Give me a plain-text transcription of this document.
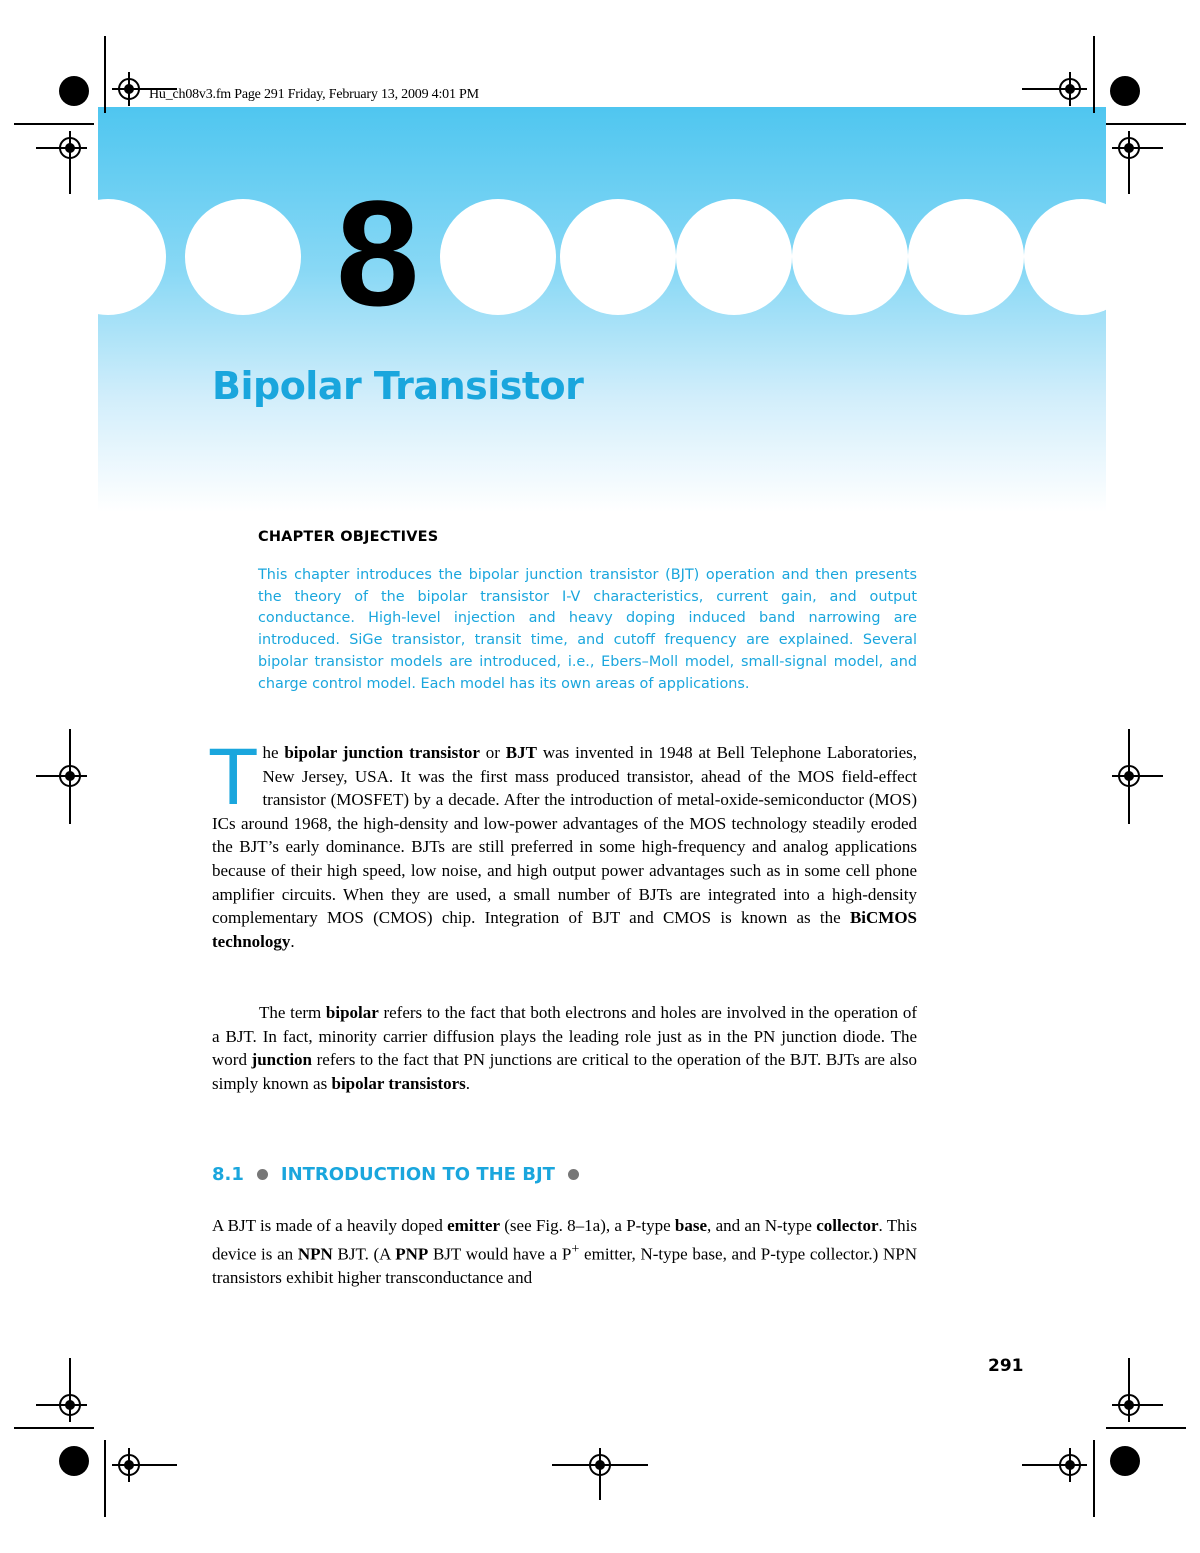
Hu_ch08v3.fm Page 291 Friday, February 13, 2009 4:01 PM
8
Bipolar Transistor
CHAPTER OBJECTIVES
This chapter introduces the bipolar junction transistor (BJT) operation and then presents the theory of the bipolar transistor I-V characteristics, current gain, and output conductance. High-level injection and heavy doping induced band narrowing are introduced. SiGe transistor, transit time, and cutoff frequency are explained. Several bipolar transistor models are introduced, i.e., Ebers–Moll model, small-signal model, and charge control model. Each model has its own areas of applications.
The bipolar junction transistor or BJT was invented in 1948 at Bell Telephone Laboratories, New Jersey, USA. It was the first mass produced transistor, ahead of the MOS field-effect transistor (MOSFET) by a decade. After the introduction of metal-oxide-semiconductor (MOS) ICs around 1968, the high-density and low-power advantages of the MOS technology steadily eroded the BJT’s early dominance. BJTs are still preferred in some high-frequency and analog applications because of their high speed, low noise, and high output power advantages such as in some cell phone amplifier circuits. When they are used, a small number of BJTs are integrated into a high-density complementary MOS (CMOS) chip. Integration of BJT and CMOS is known as the BiCMOS technology.
The term bipolar refers to the fact that both electrons and holes are involved in the operation of a BJT. In fact, minority carrier diffusion plays the leading role just as in the PN junction diode. The word junction refers to the fact that PN junctions are critical to the operation of the BJT. BJTs are also simply known as bipolar transistors.
8.1 INTRODUCTION TO THE BJT
A BJT is made of a heavily doped emitter (see Fig. 8–1a), a P-type base, and an N-type collector. This device is an NPN BJT. (A PNP BJT would have a P+ emitter, N-type base, and P-type collector.) NPN transistors exhibit higher transconductance and
291
